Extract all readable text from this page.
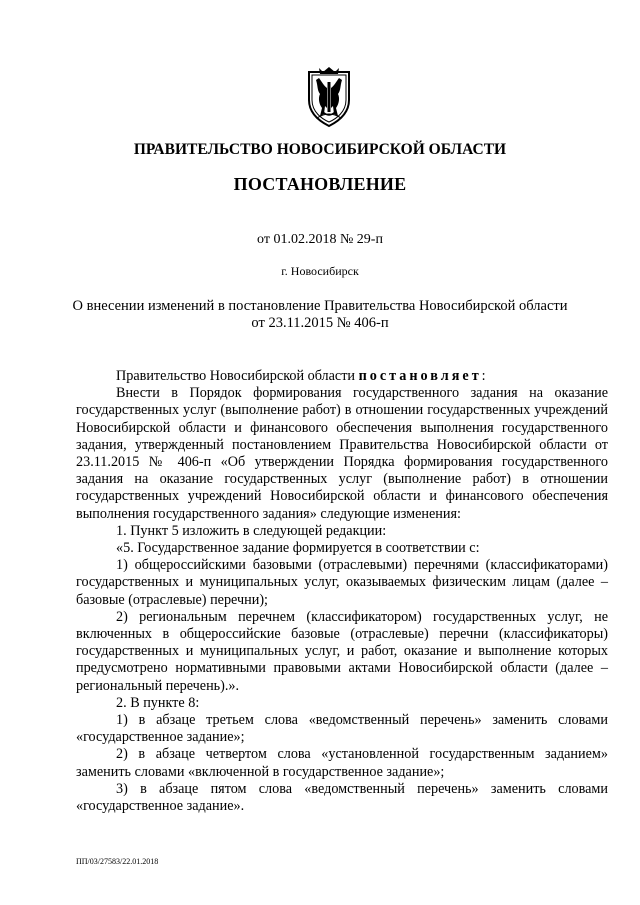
ПРАВИТЕЛЬСТВО НОВОСИБИРСКОЙ ОБЛАСТИ
ПОСТАНОВЛЕНИЕ
от 01.02.2018 № 29-п
г. Новосибирск
О внесении изменений в постановление Правительства Новосибирской области
от 23.11.2015 № 406-п

Правительство Новосибирской области постановляет:

Внести в Порядок формирования государственного задания на оказание государственных услуг (выполнение работ) в отношении государственных учреждений Новосибирской области и финансового обеспечения выполнения государственного задания, утвержденный постановлением Правительства Новосибирской области от 23.11.2015 № 406-п «Об утверждении Порядка формирования государственного задания на оказание государственных услуг (выполнение работ) в отношении государственных учреждений Новосибирской области и финансового обеспечения выполнения государственного задания» следующие изменения:

1. Пункт 5 изложить в следующей редакции:

«5. Государственное задание формируется в соответствии с:

1) общероссийскими базовыми (отраслевыми) перечнями (классификаторами) государственных и муниципальных услуг, оказываемых физическим лицам (далее – базовые (отраслевые) перечни);

2) региональным перечнем (классификатором) государственных услуг, не включенных в общероссийские базовые (отраслевые) перечни (классификаторы) государственных и муниципальных услуг, и работ, оказание и выполнение которых предусмотрено нормативными правовыми актами Новосибирской области (далее – региональный перечень).».

2. В пункте 8:

1) в абзаце третьем слова «ведомственный перечень» заменить словами «государственное задание»;

2) в абзаце четвертом слова «установленной государственным заданием» заменить словами «включенной в государственное задание»;

3) в абзаце пятом слова «ведомственный перечень» заменить словами «государственное задание».

ПП/03/27583/22.01.2018
